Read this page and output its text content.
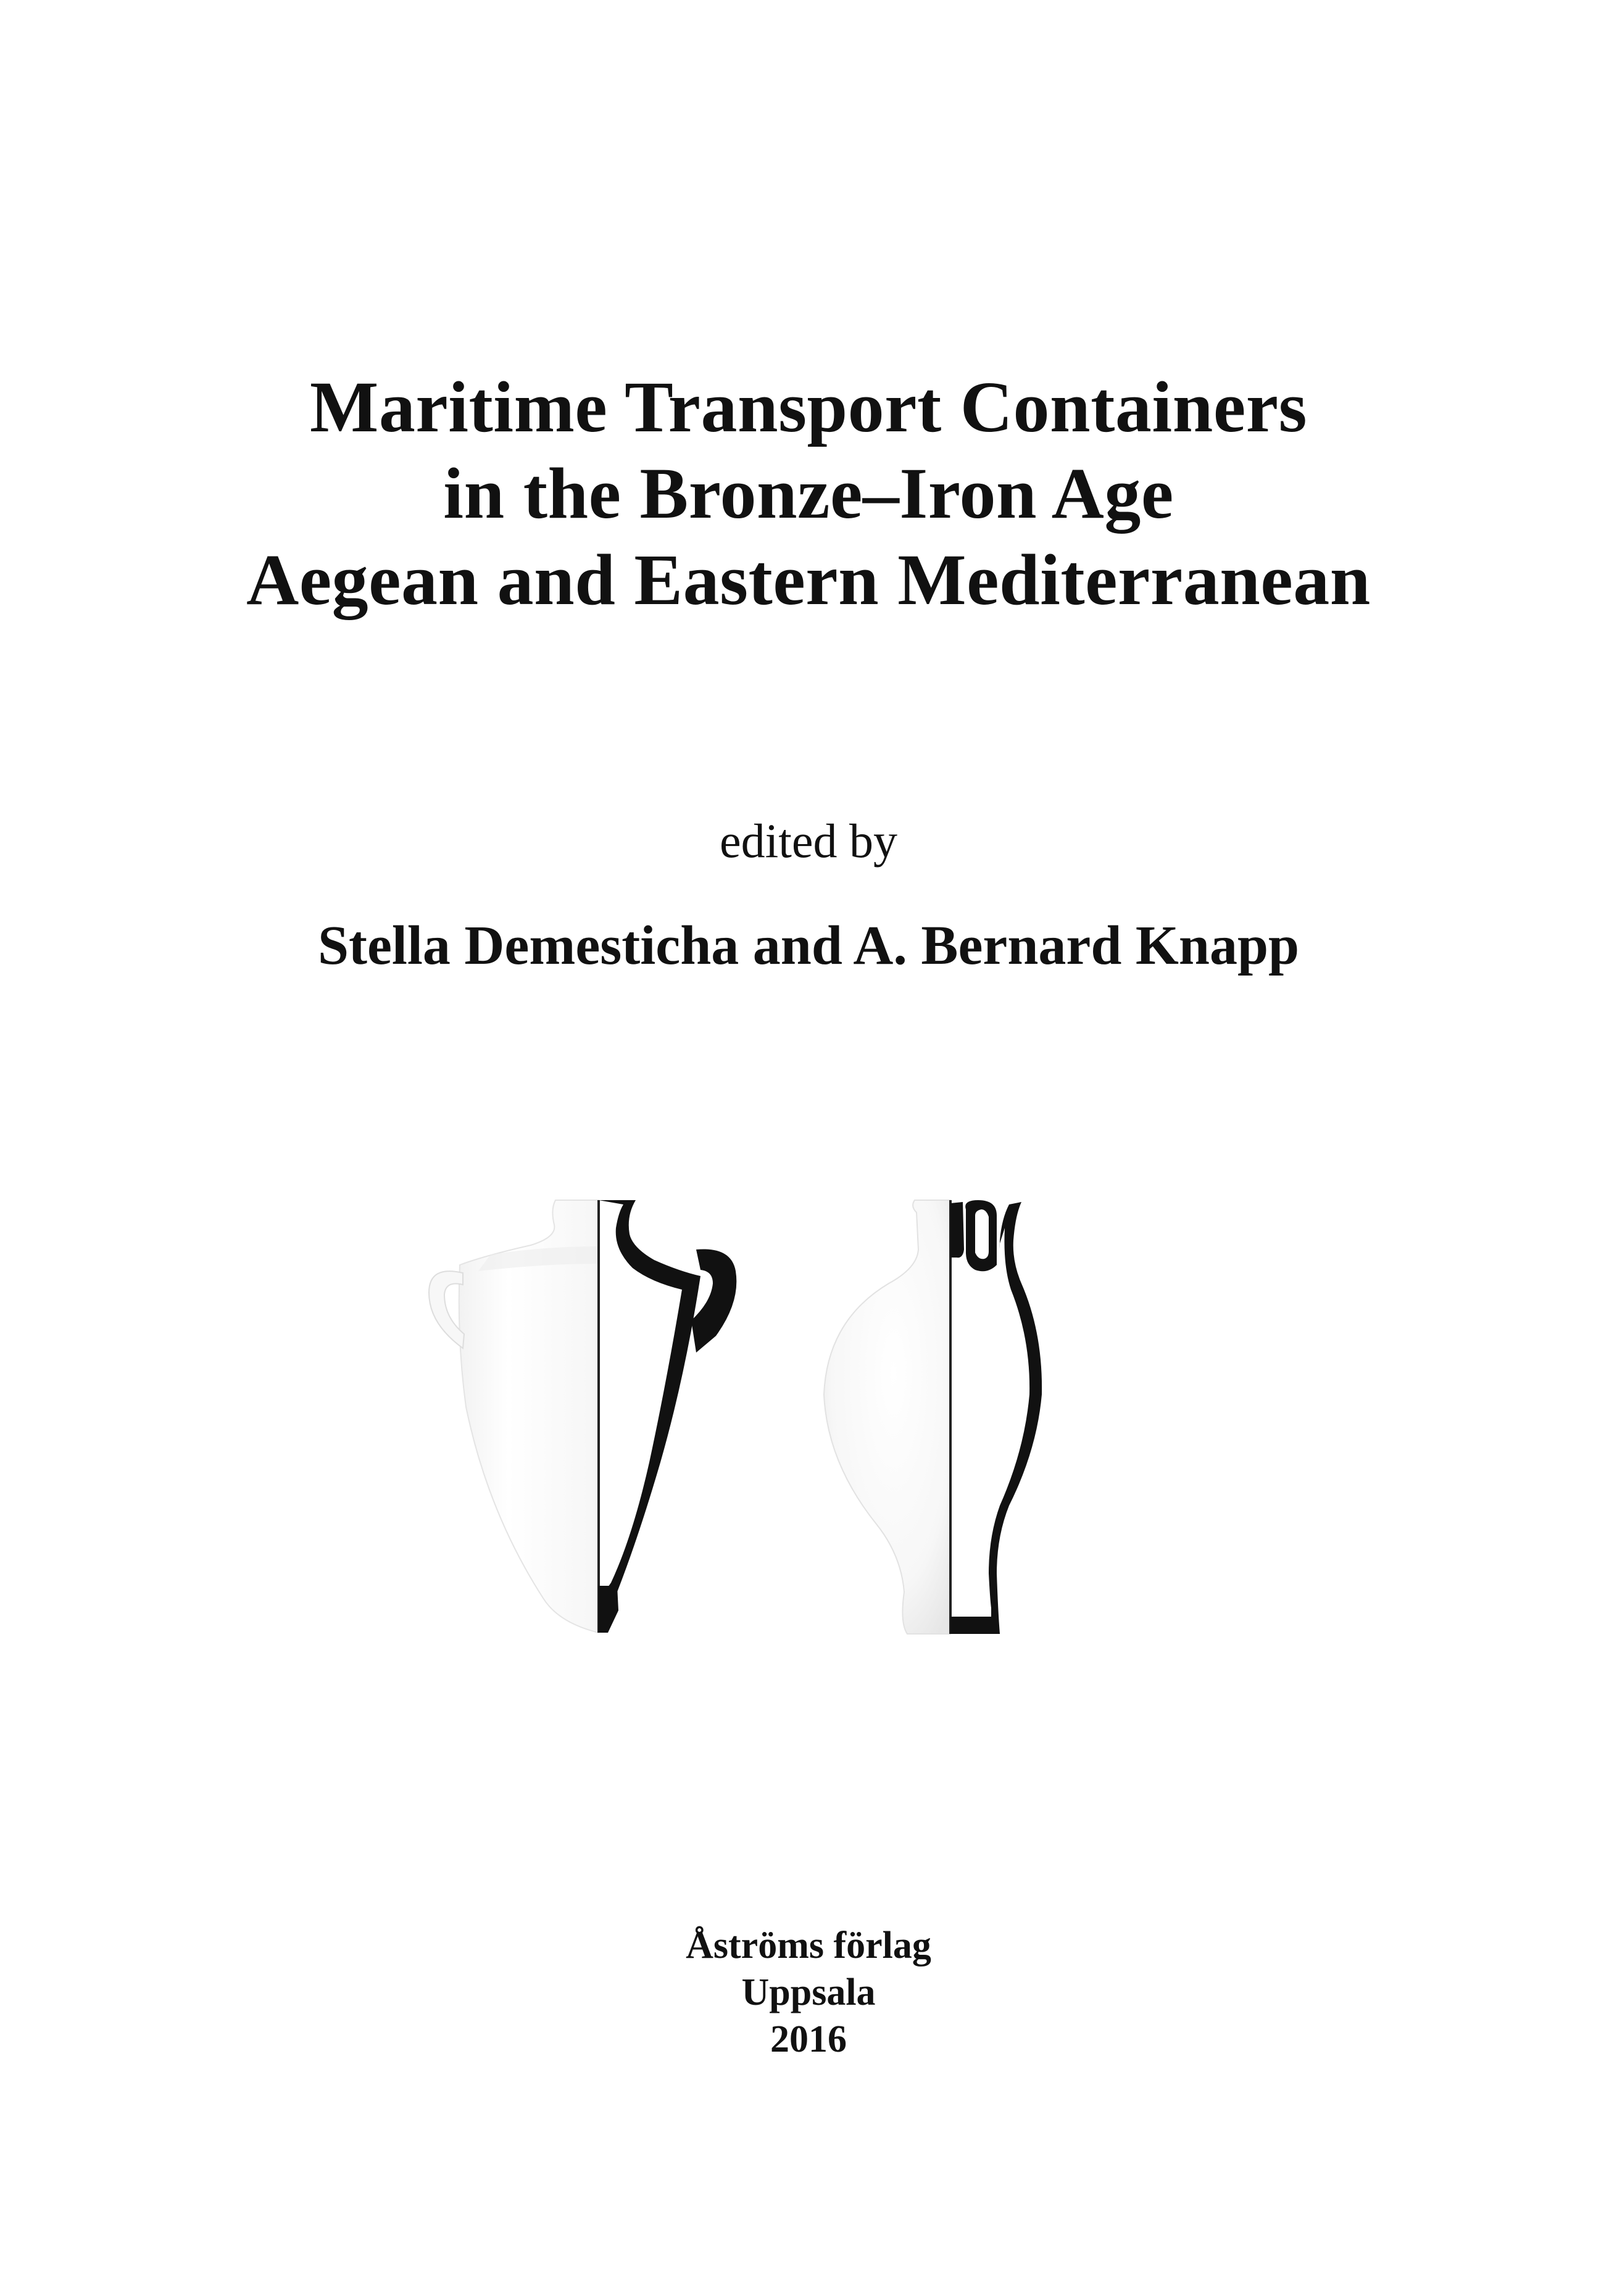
Maritime Transport Containers
in the Bronze–Iron Age
Aegean and Eastern Mediterranean
edited by
Stella Demesticha and A. Bernard Knapp
Åströms förlag
Uppsala
2016
